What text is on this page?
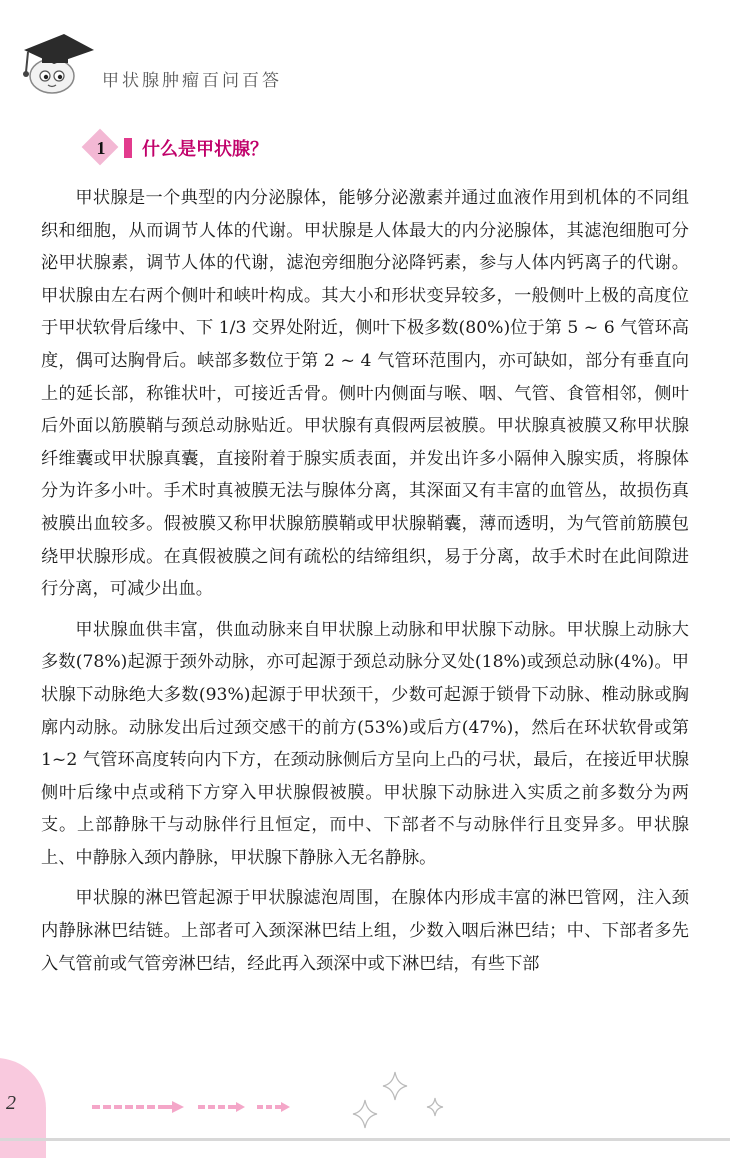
甲状腺肿瘤百问百答
1	什么是甲状腺？

甲状腺是一个典型的内分泌腺体，能够分泌激素并通过血液作用到机体的不同组织和细胞，从而调节人体的代谢。甲状腺是人体最大的内分泌腺体，其滤泡细胞可分泌甲状腺素，调节人体的代谢，滤泡旁细胞分泌降钙素，参与人体内钙离子的代谢。甲状腺由左右两个侧叶和峡叶构成。其大小和形状变异较多，一般侧叶上极的高度位于甲状软骨后缘中、下 1/3 交界处附近，侧叶下极多数(80%)位于第 5 ~ 6 气管环高度，偶可达胸骨后。峡部多数位于第 2 ~ 4 气管环范围内，亦可缺如，部分有垂直向上的延长部，称锥状叶，可接近舌骨。侧叶内侧面与喉、咽、气管、食管相邻，侧叶后外面以筋膜鞘与颈总动脉贴近。甲状腺有真假两层被膜。甲状腺真被膜又称甲状腺纤维囊或甲状腺真囊，直接附着于腺实质表面，并发出许多小隔伸入腺实质，将腺体分为许多小叶。手术时真被膜无法与腺体分离，其深面又有丰富的血管丛，故损伤真被膜出血较多。假被膜又称甲状腺筋膜鞘或甲状腺鞘囊，薄而透明，为气管前筋膜包绕甲状腺形成。在真假被膜之间有疏松的结缔组织，易于分离，故手术时在此间隙进行分离，可减少出血。

甲状腺血供丰富，供血动脉来自甲状腺上动脉和甲状腺下动脉。甲状腺上动脉大多数(78%)起源于颈外动脉，亦可起源于颈总动脉分叉处(18%)或颈总动脉(4%)。甲状腺下动脉绝大多数(93%)起源于甲状颈干，少数可起源于锁骨下动脉、椎动脉或胸廓内动脉。动脉发出后过颈交感干的前方(53%)或后方(47%)，然后在环状软骨或第 1~2 气管环高度转向内下方，在颈动脉侧后方呈向上凸的弓状，最后，在接近甲状腺侧叶后缘中点或稍下方穿入甲状腺假被膜。甲状腺下动脉进入实质之前多数分为两支。上部静脉干与动脉伴行且恒定，而中、下部者不与动脉伴行且变异多。甲状腺上、中静脉入颈内静脉，甲状腺下静脉入无名静脉。

甲状腺的淋巴管起源于甲状腺滤泡周围，在腺体内形成丰富的淋巴管网，注入颈内静脉淋巴结链。上部者可入颈深淋巴结上组，少数入咽后淋巴结；中、下部者多先入气管前或气管旁淋巴结，经此再入颈深中或下淋巴结，有些下部

2
